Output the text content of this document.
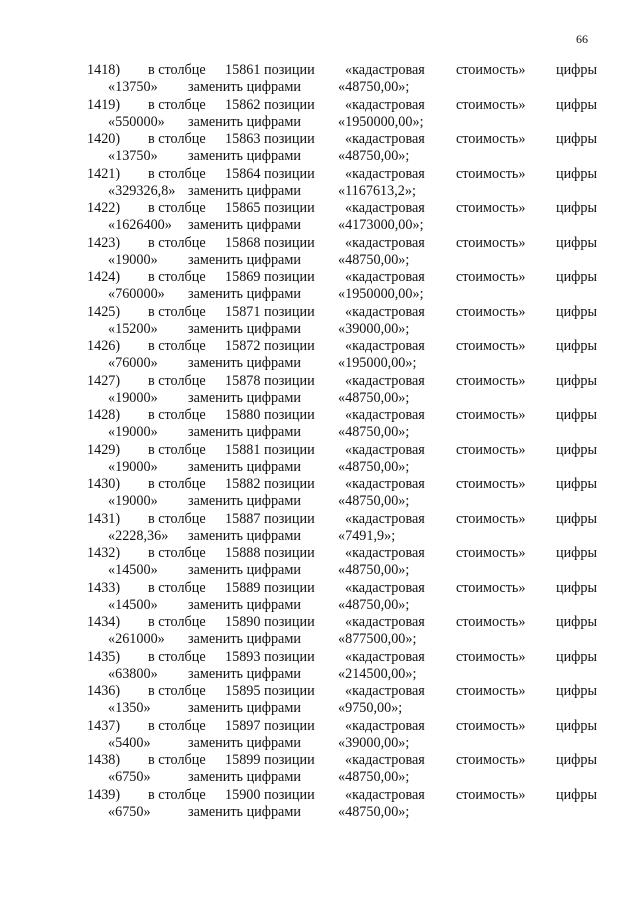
66
1418) в столбце 15861 позиции «кадастровая стоимость» цифры
«13750» заменить цифрами	«48750,00»;
1419) в столбце 15862 позиции «кадастровая стоимость» цифры
«550000» заменить цифрами	«1950000,00»;
1420) в столбце 15863 позиции «кадастровая стоимость» цифры
«13750» заменить цифрами	«48750,00»;
1421) в столбце 15864 позиции «кадастровая стоимость» цифры
«329326,8» заменить цифрами	«1167613,2»;
1422) в столбце 15865 позиции «кадастровая стоимость» цифры
«1626400» заменить цифрами	«4173000,00»;
1423) в столбце 15868 позиции «кадастровая стоимость» цифры
«19000» заменить цифрами	«48750,00»;
1424) в столбце 15869 позиции «кадастровая стоимость» цифры
«760000» заменить цифрами	«1950000,00»;
1425) в столбце 15871 позиции «кадастровая стоимость» цифры
«15200» заменить цифрами	«39000,00»;
1426) в столбце 15872 позиции «кадастровая стоимость» цифры
«76000» заменить цифрами	«195000,00»;
1427) в столбце 15878 позиции «кадастровая стоимость» цифры
«19000» заменить цифрами	«48750,00»;
1428) в столбце 15880 позиции «кадастровая стоимость» цифры
«19000» заменить цифрами	«48750,00»;
1429) в столбце 15881 позиции «кадастровая стоимость» цифры
«19000» заменить цифрами	«48750,00»;
1430) в столбце 15882 позиции «кадастровая стоимость» цифры
«19000» заменить цифрами	«48750,00»;
1431) в столбце 15887 позиции «кадастровая стоимость» цифры
«2228,36» заменить цифрами	«7491,9»;
1432) в столбце 15888 позиции «кадастровая стоимость» цифры
«14500» заменить цифрами	«48750,00»;
1433) в столбце 15889 позиции «кадастровая стоимость» цифры
«14500» заменить цифрами	«48750,00»;
1434) в столбце 15890 позиции «кадастровая стоимость» цифры
«261000» заменить цифрами	«877500,00»;
1435) в столбце 15893 позиции «кадастровая стоимость» цифры
«63800» заменить цифрами	«214500,00»;
1436) в столбце 15895 позиции «кадастровая стоимость» цифры
«1350»	заменить цифрами	«9750,00»;
1437) в столбце 15897 позиции «кадастровая стоимость» цифры
«5400»	заменить цифрами	«39000,00»;
1438) в столбце 15899 позиции «кадастровая стоимость» цифры
«6750»	заменить цифрами	«48750,00»;
1439) в столбце 15900 позиции «кадастровая стоимость» цифры
«6750»	заменить цифрами	«48750,00»;
